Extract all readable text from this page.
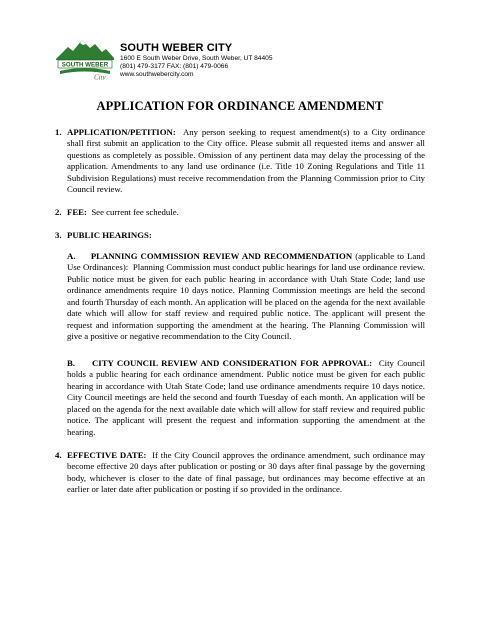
SOUTH WEBER
City
SOUTH WEBER CITY
1600 E South Weber Drive, South Weber, UT 84405
(801) 479-3177 FAX: (801) 479-0066
www.southwebercity.com
APPLICATION FOR ORDINANCE AMENDMENT
1. APPLICATION/PETITION: Any person seeking to request amendment(s) to a City ordinance shall first submit an application to the City office. Please submit all requested items and answer all questions as completely as possible. Omission of any pertinent data may delay the processing of the application. Amendments to any land use ordinance (i.e. Title 10 Zoning Regulations and Title 11 Subdivision Regulations) must receive recommendation from the Planning Commission prior to City Council review.
2. FEE: See current fee schedule.
3. PUBLIC HEARINGS:
A. PLANNING COMMISSION REVIEW AND RECOMMENDATION (applicable to Land Use Ordinances): Planning Commission must conduct public hearings for land use ordinance review. Public notice must be given for each public hearing in accordance with Utah State Code; land use ordinance amendments require 10 days notice. Planning Commission meetings are held the second and fourth Thursday of each month. An application will be placed on the agenda for the next available date which will allow for staff review and required public notice. The applicant will present the request and information supporting the amendment at the hearing. The Planning Commission will give a positive or negative recommendation to the City Council.
B. CITY COUNCIL REVIEW AND CONSIDERATION FOR APPROVAL: City Council holds a public hearing for each ordinance amendment. Public notice must be given for each public hearing in accordance with Utah State Code; land use ordinance amendments require 10 days notice. City Council meetings are held the second and fourth Tuesday of each month. An application will be placed on the agenda for the next available date which will allow for staff review and required public notice. The applicant will present the request and information supporting the amendment at the hearing.
4. EFFECTIVE DATE: If the City Council approves the ordinance amendment, such ordinance may become effective 20 days after publication or posting or 30 days after final passage by the governing body, whichever is closer to the date of final passage, but ordinances may become effective at an earlier or later date after publication or posting if so provided in the ordinance.
